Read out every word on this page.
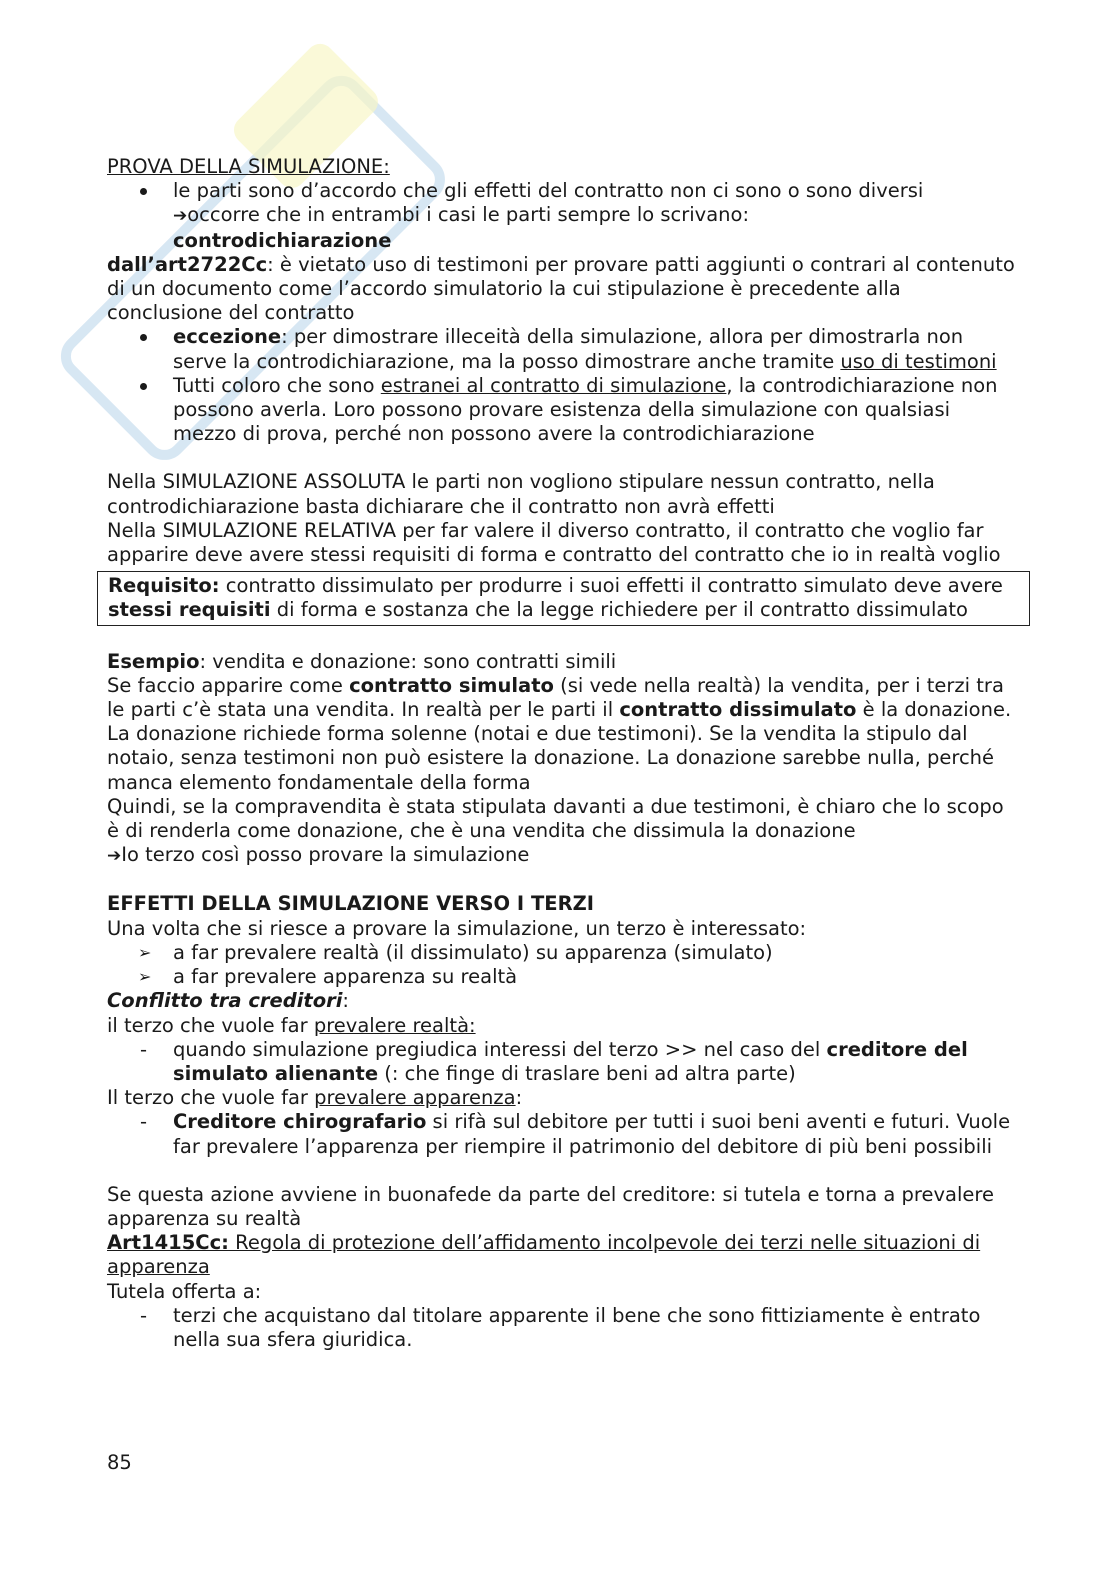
PROVA DELLA SIMULAZIONE:

le parti sono d’accordo che gli effetti del contratto non ci sono o sono diversi
➔occorre che in entrambi i casi le parti sempre lo scrivano:
controdichiarazione

dall’art2722Cc: è vietato uso di testimoni per provare patti aggiunti o contrari al contenuto di un documento come l’accordo simulatorio la cui stipulazione è precedente alla conclusione del contratto

eccezione: per dimostrare illeceità della simulazione, allora per dimostrarla non serve la controdichiarazione, ma la posso dimostrare anche tramite uso di testimoni
Tutti coloro che sono estranei al contratto di simulazione, la controdichiarazione non possono averla. Loro possono provare esistenza della simulazione con qualsiasi mezzo di prova, perché non possono avere la controdichiarazione

Nella SIMULAZIONE ASSOLUTA le parti non vogliono stipulare nessun contratto, nella controdichiarazione basta dichiarare che il contratto non avrà effetti

Nella SIMULAZIONE RELATIVA per far valere il diverso contratto, il contratto che voglio far apparire deve avere stessi requisiti di forma e contratto del contratto che io in realtà voglio

Requisito: contratto dissimulato per produrre i suoi effetti il contratto simulato deve avere stessi requisiti di forma e sostanza che la legge richiedere per il contratto dissimulato

Esempio: vendita e donazione: sono contratti simili

Se faccio apparire come contratto simulato (si vede nella realtà) la vendita, per i terzi tra le parti c’è stata una vendita. In realtà per le parti il contratto dissimulato è la donazione. La donazione richiede forma solenne (notai e due testimoni). Se la vendita la stipulo dal notaio, senza testimoni non può esistere la donazione. La donazione sarebbe nulla, perché manca elemento fondamentale della forma

Quindi, se la compravendita è stata stipulata davanti a due testimoni, è chiaro che lo scopo è di renderla come donazione, che è una vendita che dissimula la donazione

➔Io terzo così posso provare la simulazione

EFFETTI DELLA SIMULAZIONE VERSO I TERZI

Una volta che si riesce a provare la simulazione, un terzo è interessato:

➢ a far prevalere realtà (il dissimulato) su apparenza (simulato)
➢ a far prevalere apparenza su realtà

Conflitto tra creditori:

il terzo che vuole far prevalere realtà:

- quando simulazione pregiudica interessi del terzo >> nel caso del creditore del simulato alienante (: che finge di traslare beni ad altra parte)

Il terzo che vuole far prevalere apparenza:

- Creditore chirografario si rifà sul debitore per tutti i suoi beni aventi e futuri. Vuole far prevalere l’apparenza per riempire il patrimonio del debitore di più beni possibili

Se questa azione avviene in buonafede da parte del creditore: si tutela e torna a prevalere apparenza su realtà

Art1415Cc: Regola di protezione dell’affidamento incolpevole dei terzi nelle situazioni di apparenza

Tutela offerta a:

- terzi che acquistano dal titolare apparente il bene che sono fittiziamente è entrato nella sua sfera giuridica.
85
